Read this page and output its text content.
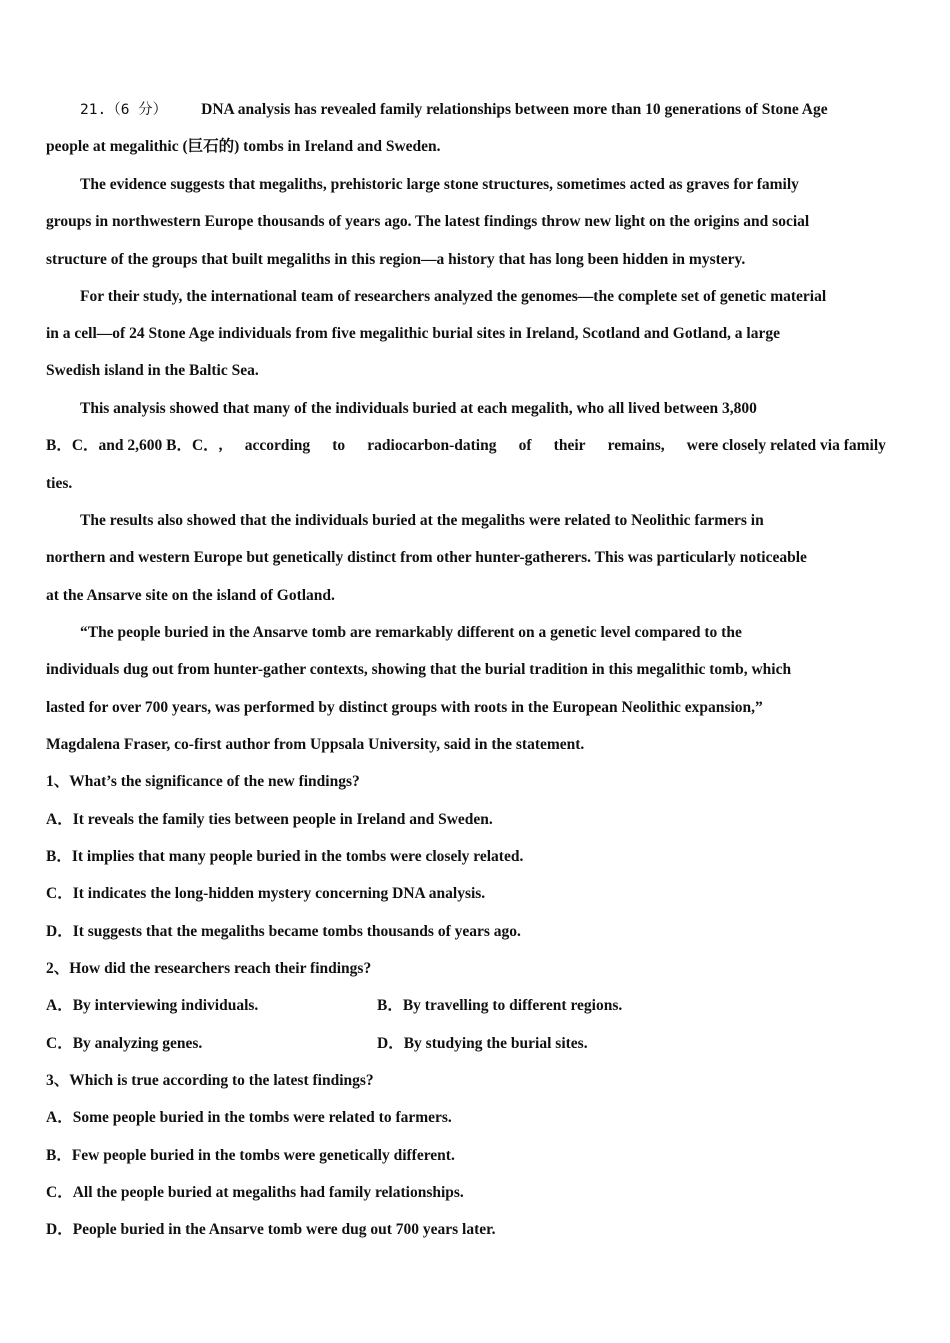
21.（6 分） DNA analysis has revealed family relationships between more than 10 generations of Stone Age
people at megalithic (巨石的) tombs in Ireland and Sweden.
The evidence suggests that megaliths, prehistoric large stone structures, sometimes acted as graves for family
groups in northwestern Europe thousands of years ago. The latest findings throw new light on the origins and social
structure of the groups that built megaliths in this region—a history that has long been hidden in mystery.
For their study, the international team of researchers analyzed the genomes—the complete set of genetic material
in a cell—of 24 Stone Age individuals from five megalithic burial sites in Ireland, Scotland and Gotland, a large
Swedish island in the Baltic Sea.
This analysis showed that many of the individuals buried at each megalith, who all lived between 3,800
B．C．and 2,600 B．C．, according to radiocarbon-dating of their remains, were closely related via family
ties.
The results also showed that the individuals buried at the megaliths were related to Neolithic farmers in
northern and western Europe but genetically distinct from other hunter-gatherers. This was particularly noticeable
at the Ansarve site on the island of Gotland.
“The people buried in the Ansarve tomb are remarkably different on a genetic level compared to the
individuals dug out from hunter-gather contexts, showing that the burial tradition in this megalithic tomb, which
lasted for over 700 years, was performed by distinct groups with roots in the European Neolithic expansion,”
Magdalena Fraser, co-first author from Uppsala University, said in the statement.
1、What’s the significance of the new findings?
A．It reveals the family ties between people in Ireland and Sweden.
B．It implies that many people buried in the tombs were closely related.
C．It indicates the long-hidden mystery concerning DNA analysis.
D．It suggests that the megaliths became tombs thousands of years ago.
2、How did the researchers reach their findings?
A．By interviewing individuals.	B．By travelling to different regions.
C．By analyzing genes.	D．By studying the burial sites.
3、Which is true according to the latest findings?
A．Some people buried in the tombs were related to farmers.
B．Few people buried in the tombs were genetically different.
C．All the people buried at megaliths had family relationships.
D．People buried in the Ansarve tomb were dug out 700 years later.
